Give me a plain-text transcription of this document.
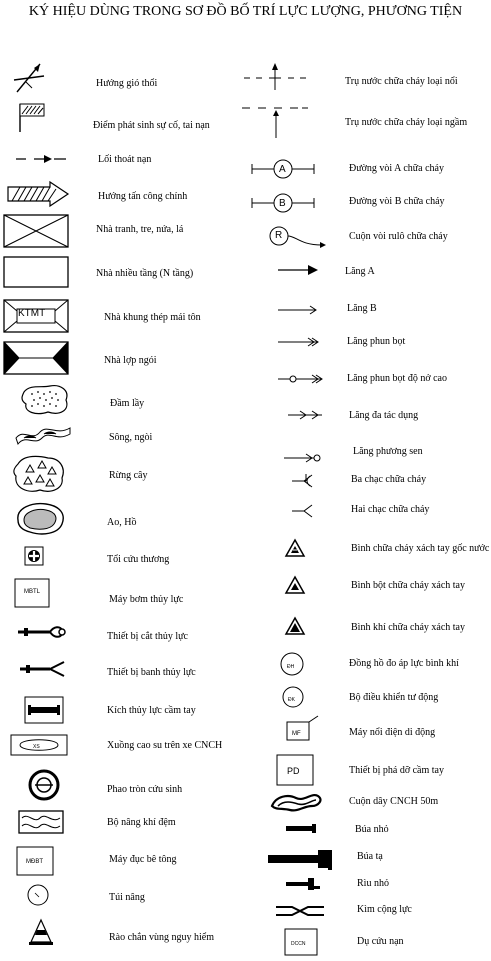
KÝ HIỆU DÙNG TRONG SƠ ĐỒ BỐ TRÍ LỰC LƯỢNG, PHƯƠNG TIỆN
Hướng gió thổi
Điểm phát sinh sự cố, tai nạn
Lối thoát nạn
Hướng tấn công chính
Nhà tranh, tre, nứa, lá
Nhà nhiều tầng (N tầng)
KTMT	Nhà khung thép mái tôn
Nhà lợp ngói
Đầm lầy
Sông, ngòi
Rừng cây
Ao, Hồ
Tổi cứu thương
MBTL
Máy bơm thủy lực
Thiết bị cắt thủy lực
Thiết bị banh thủy lực
Kích thủy lực cầm tay
XS	Xuồng cao su trên xe CNCH
Phao tròn cứu sinh
Bộ nâng khí đệm
MĐBT	Máy đục bê tông
Túi nâng
Rào chắn vùng nguy hiểm
Trụ nước chữa cháy loại nổi
Trụ nước chữa cháy loại ngầm
A	Đường vòi A chữa cháy
B	Đường vòi B chữa cháy
R	Cuộn vòi rulô chữa cháy
Lăng A
Lăng B
Lăng phun bọt
Lăng phun bọt độ nở cao
Lăng đa tác dụng
Lăng phương sen
Ba chạc chữa cháy
Hai chạc chữa cháy
Bình chữa cháy xách tay gốc nước
Bình bột chữa cháy xách tay
Bình khí chữa cháy xách tay
ĐH	Đồng hồ đo áp lực bình khí
ĐK	Bộ điều khiển tư động
MF	Máy nổi điện di động
PD	Thiết bị phá dỡ cầm tay
Cuộn dây CNCH 50m
Búa nhỏ
Búa tạ
Rìu nhỏ
Kìm cộng lực
DCCN	Dụ cứu nạn
